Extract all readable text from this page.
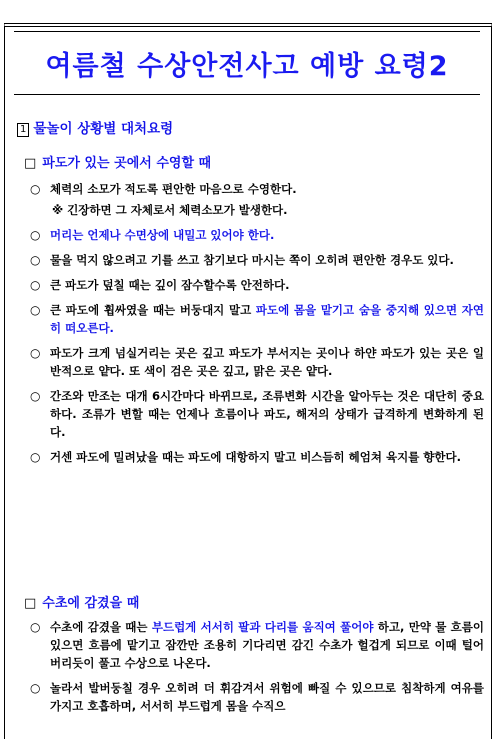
여름철 수상안전사고 예방 요령2
1 물놀이 상황별 대처요령
□ 파도가 있는 곳에서 수영할 때
○ 체력의 소모가 적도록 편안한 마음으로 수영한다.
※ 긴장하면 그 자체로서 체력소모가 발생한다.
○ 머리는 언제나 수면상에 내밀고 있어야 한다.
○ 물을 먹지 않으려고 기를 쓰고 참기보다 마시는 쪽이 오히려 편안한 경우도 있다.
○ 큰 파도가 덮칠 때는 깊이 잠수할수록 안전하다.
○ 큰 파도에 휩싸였을 때는 버둥대지 말고 파도에 몸을 맡기고 숨을 중지해 있으면 자연히 떠오른다.
○ 파도가 크게 넘실거리는 곳은 깊고 파도가 부서지는 곳이나 하얀 파도가 있는 곳은 일반적으로 얕다. 또 색이 검은 곳은 깊고, 맑은 곳은 얕다.
○ 간조와 만조는 대개 6시간마다 바뀌므로, 조류변화 시간을 알아두는 것은 대단히 중요하다. 조류가 변할 때는 언제나 흐름이나 파도, 해저의 상태가 급격하게 변화하게 된다.
○ 거센 파도에 밀려났을 때는 파도에 대항하지 말고 비스듬히 헤엄쳐 육지를 향한다.
□ 수초에 감겼을 때
○ 수초에 감겼을 때는 부드럽게 서서히 팔과 다리를 움직여 풀어야 하고, 만약 물 흐름이 있으면 흐름에 맡기고 잠깐만 조용히 기다리면 감긴 수초가 헐겁게 되므로 이때 털어 버리듯이 풀고 수상으로 나온다.
○ 놀라서 발버둥칠 경우 오히려 더 휘감겨서 위험에 빠질 수 있으므로 침착하게 여유를 가지고 호흡하며, 서서히 부드럽게 몸을 수직으
